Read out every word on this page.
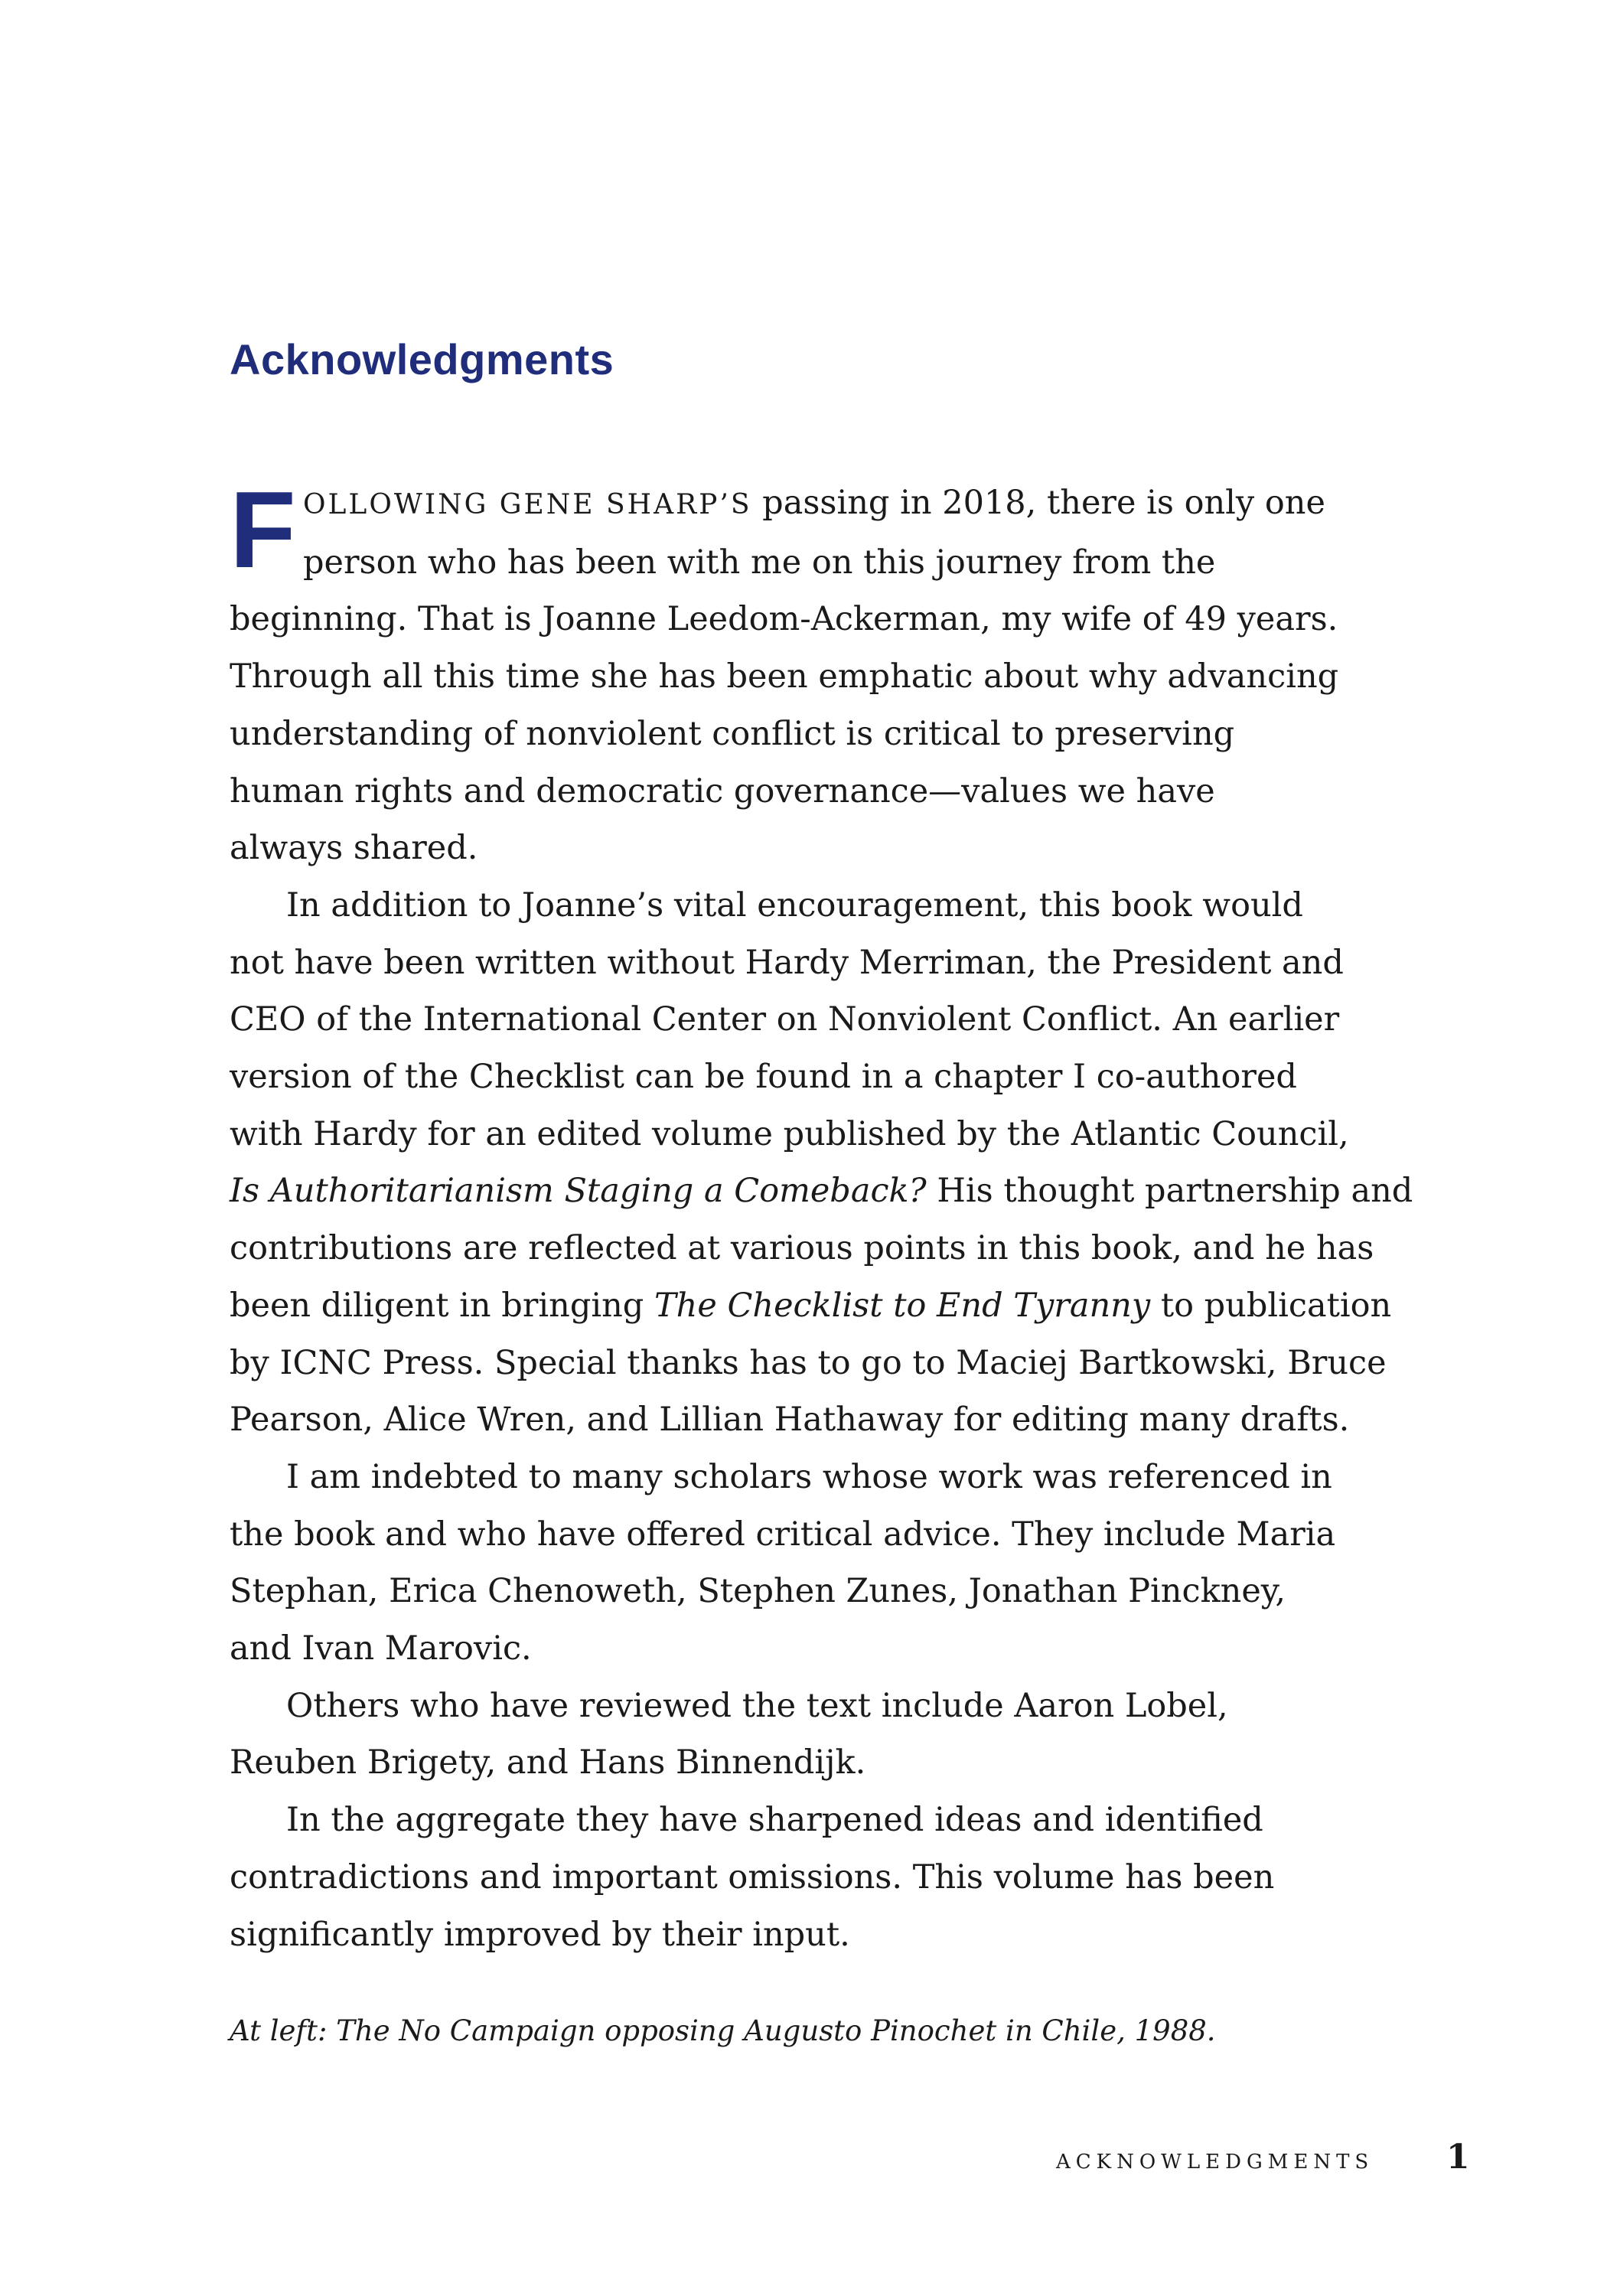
Acknowledgments
F OLLOWING GENE SHARP’S passing in 2018, there is only one
person who has been with me on this journey from the
beginning. That is Joanne Leedom-Ackerman, my wife of 49 years.
Through all this time she has been emphatic about why advancing
understanding of nonviolent conflict is critical to preserving
human rights and democratic governance—values we have
always shared.

In addition to Joanne’s vital encouragement, this book would
not have been written without Hardy Merriman, the President and
CEO of the International Center on Nonviolent Conflict. An earlier
version of the Checklist can be found in a chapter I co-authored
with Hardy for an edited volume published by the Atlantic Council,
Is Authoritarianism Staging a Comeback? His thought partnership and
contributions are reflected at various points in this book, and he has
been diligent in bringing The Checklist to End Tyranny to publication
by ICNC Press. Special thanks has to go to Maciej Bartkowski, Bruce
Pearson, Alice Wren, and Lillian Hathaway for editing many drafts.

I am indebted to many scholars whose work was referenced in
the book and who have offered critical advice. They include Maria
Stephan, Erica Chenoweth, Stephen Zunes, Jonathan Pinckney,
and Ivan Marovic.

Others who have reviewed the text include Aaron Lobel,
Reuben Brigety, and Hans Binnendijk.

In the aggregate they have sharpened ideas and identified
contradictions and important omissions. This volume has been
significantly improved by their input.

At left: The No Campaign opposing Augusto Pinochet in Chile, 1988.

ACKNOWLEDGMENTS 1
